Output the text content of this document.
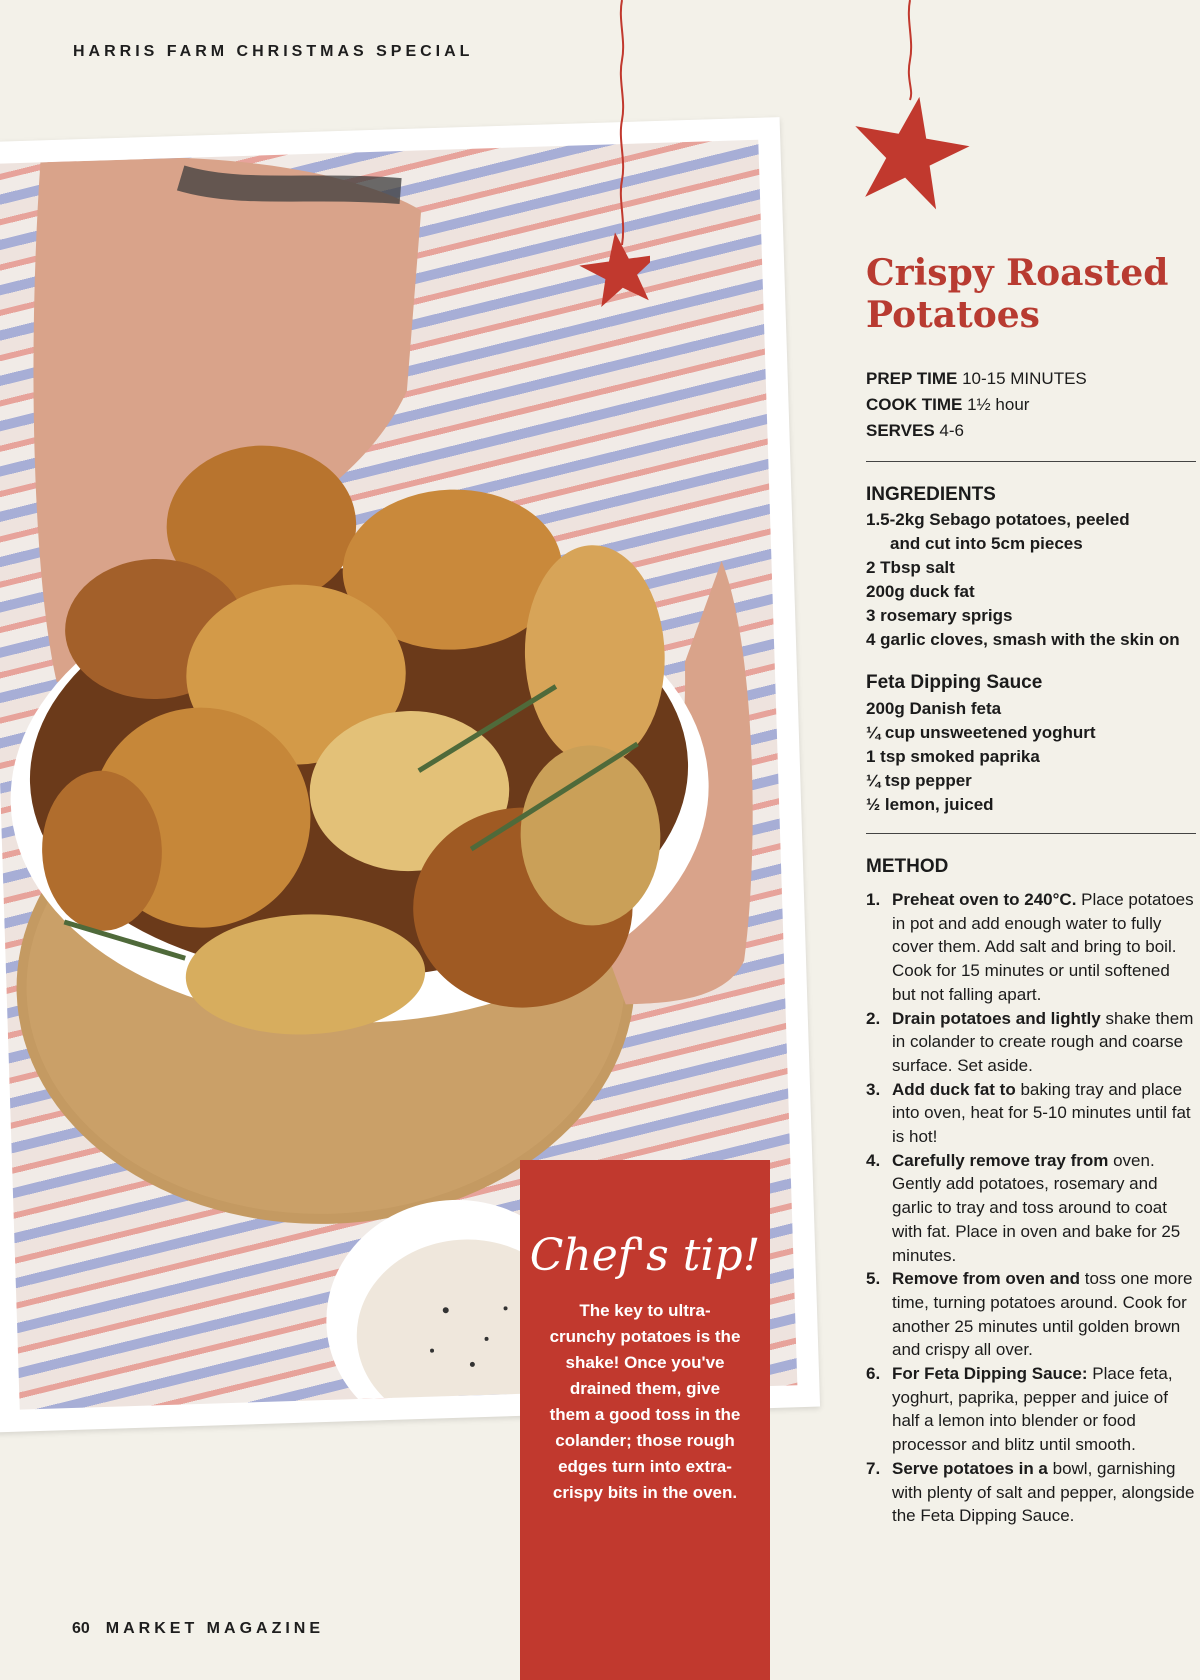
HARRIS FARM CHRISTMAS SPECIAL
Chef's tip!
The key to ultra-crunchy potatoes is the shake! Once you've drained them, give them a good toss in the colander; those rough edges turn into extra-crispy bits in the oven.
Crispy Roasted
Potatoes
PREP TIME 10-15 MINUTES
COOK TIME 1½ hour
SERVES 4-6
INGREDIENTS
1.5-2kg Sebago potatoes, peeled
and cut into 5cm pieces
2 Tbsp salt
200g duck fat
3 rosemary sprigs
4 garlic cloves, smash with the skin on
Feta Dipping Sauce
200g Danish feta
¼ cup unsweetened yoghurt
1 tsp smoked paprika
¼ tsp pepper
½ lemon, juiced
METHOD
1. Preheat oven to 240°C. Place potatoes in pot and add enough water to fully cover them. Add salt and bring to boil. Cook for 15 minutes or until softened but not falling apart.
2. Drain potatoes and lightly shake them in colander to create rough and coarse surface. Set aside.
3. Add duck fat to baking tray and place into oven, heat for 5-10 minutes until fat is hot!
4. Carefully remove tray from oven. Gently add potatoes, rosemary and garlic to tray and toss around to coat with fat. Place in oven and bake for 25 minutes.
5. Remove from oven and toss one more time, turning potatoes around. Cook for another 25 minutes until golden brown and crispy all over.
6. For Feta Dipping Sauce: Place feta, yoghurt, paprika, pepper and juice of half a lemon into blender or food processor and blitz until smooth.
7. Serve potatoes in a bowl, garnishing with plenty of salt and pepper, alongside the Feta Dipping Sauce.
60 MARKET MAGAZINE
